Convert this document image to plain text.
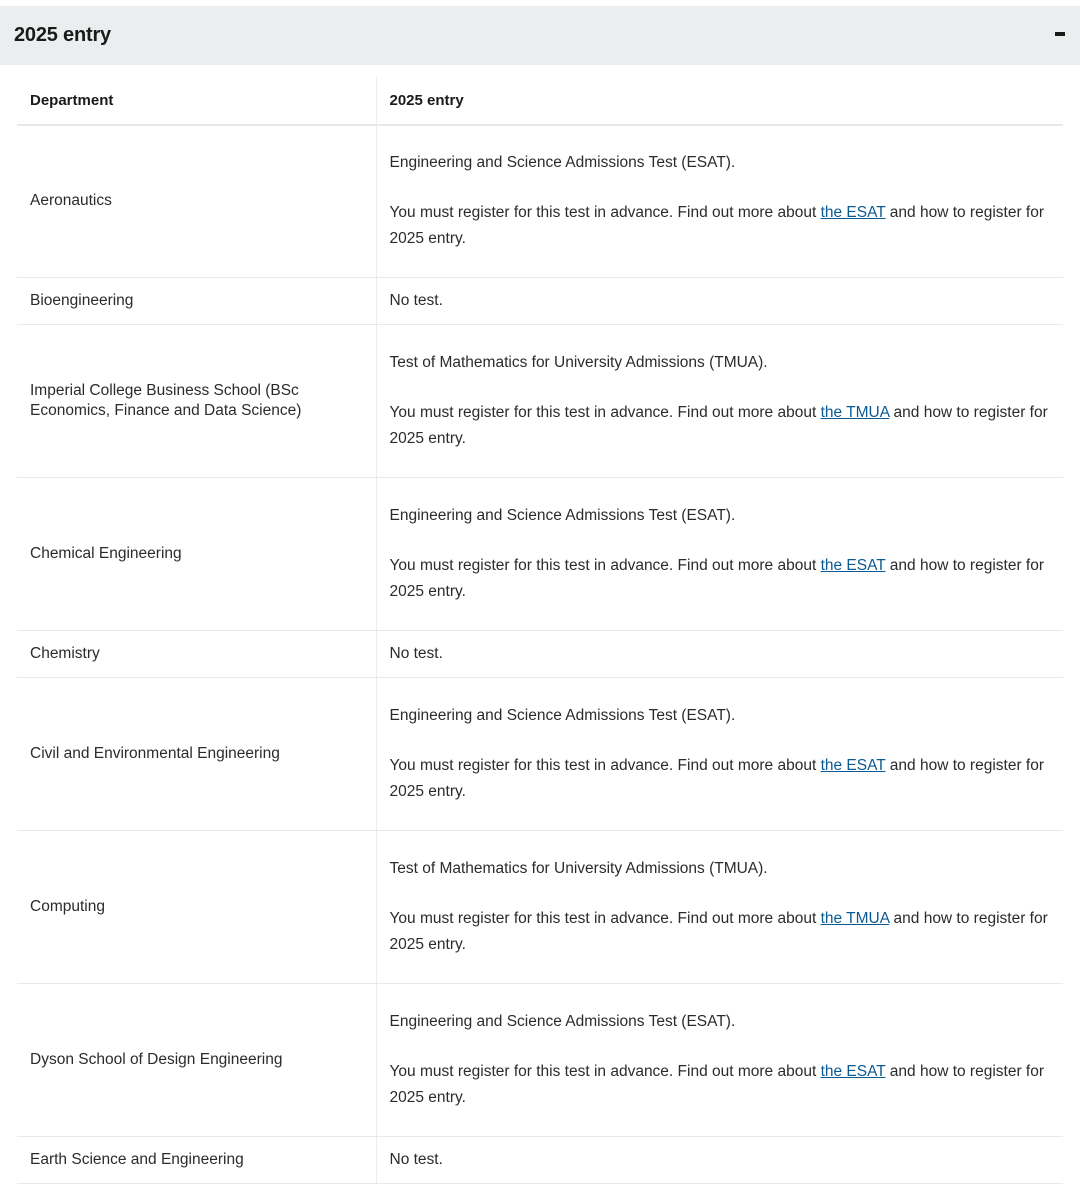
2025 entry
Department	2025 entry
Aeronautics	Engineering and Science Admissions Test (ESAT).

You must register for this test in advance. Find out more about the ESAT and how to register for 2025 entry.

Bioengineering	No test.
Imperial College Business School (BSc Economics, Finance and Data Science)	Test of Mathematics for University Admissions (TMUA).

You must register for this test in advance. Find out more about the TMUA and how to register for 2025 entry.

Chemical Engineering	Engineering and Science Admissions Test (ESAT).

You must register for this test in advance. Find out more about the ESAT and how to register for 2025 entry.

Chemistry	No test.
Civil and Environmental Engineering	Engineering and Science Admissions Test (ESAT).

You must register for this test in advance. Find out more about the ESAT and how to register for 2025 entry.

Computing	Test of Mathematics for University Admissions (TMUA).

You must register for this test in advance. Find out more about the TMUA and how to register for 2025 entry.

Dyson School of Design Engineering	Engineering and Science Admissions Test (ESAT).

You must register for this test in advance. Find out more about the ESAT and how to register for 2025 entry.

Earth Science and Engineering	No test.
